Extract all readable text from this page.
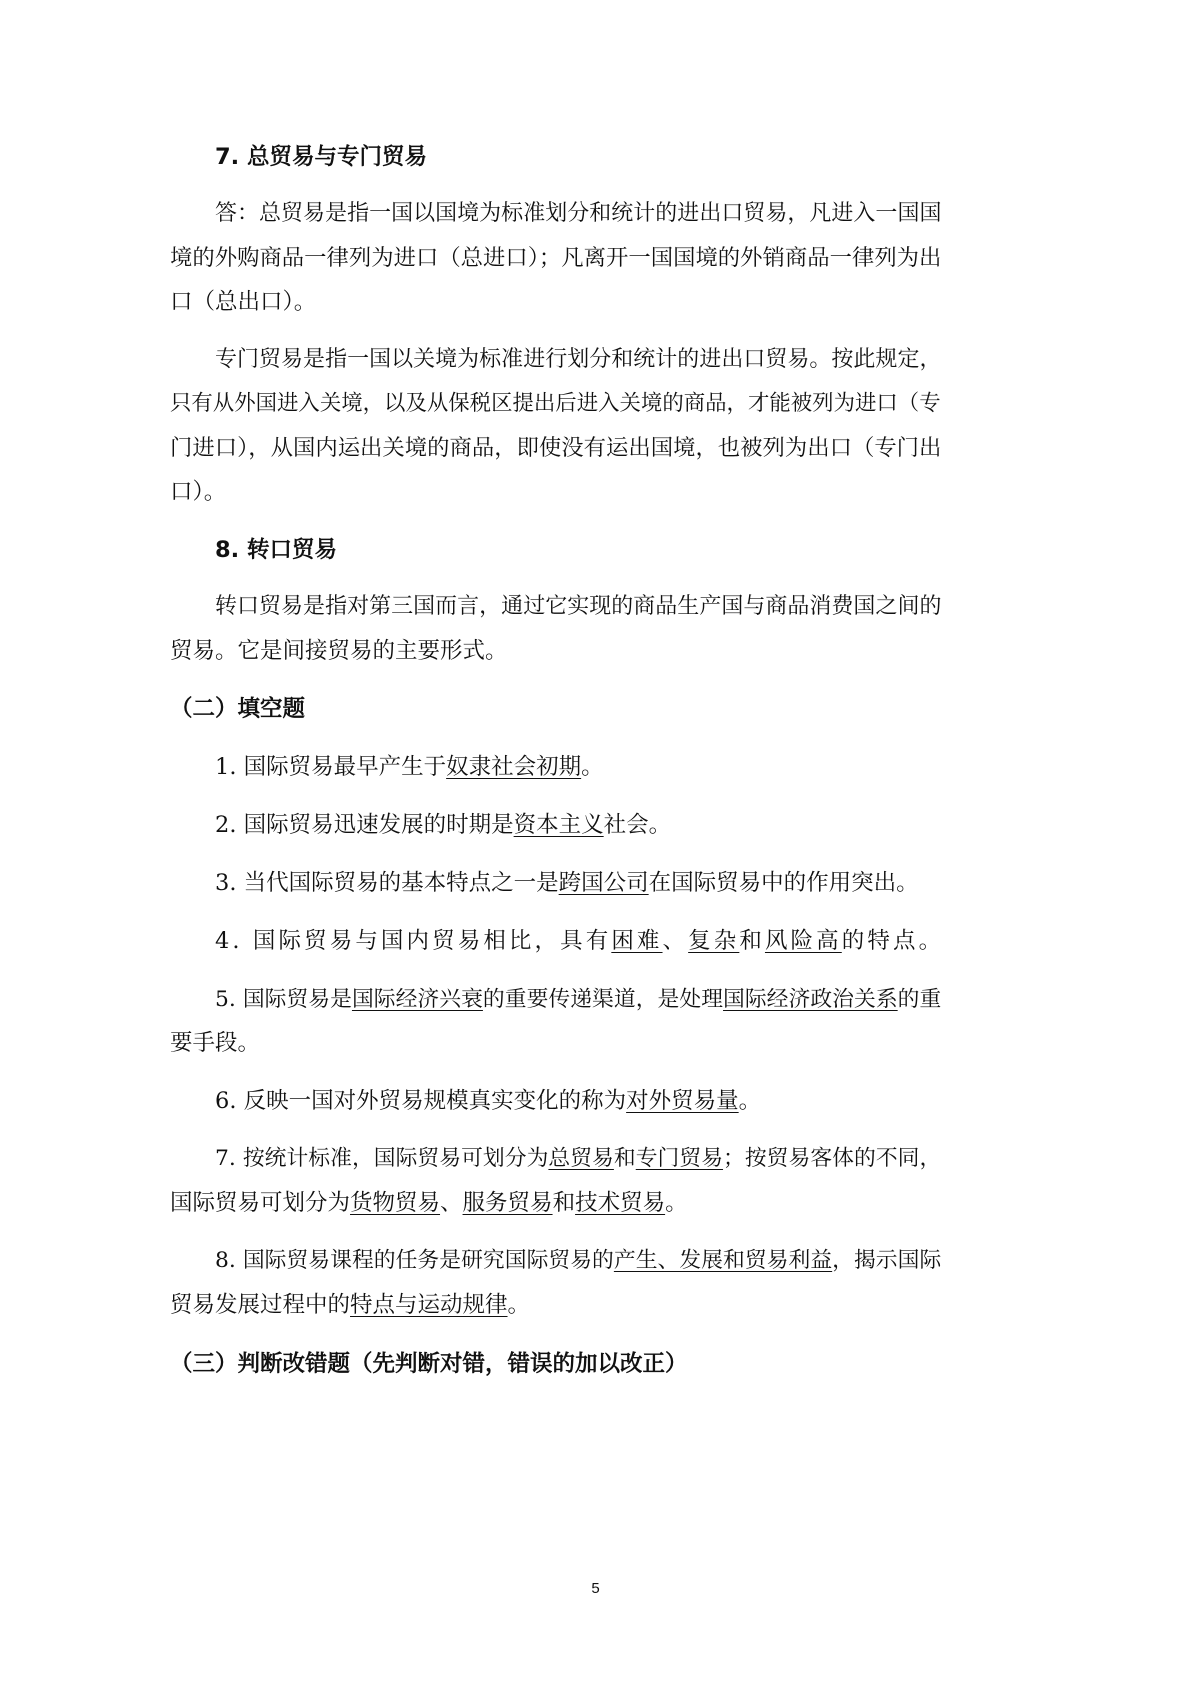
7. 总贸易与专门贸易
答：总贸易是指一国以国境为标准划分和统计的进出口贸易，凡进入一国国
境的外购商品一律列为进口（总进口）；凡离开一国国境的外销商品一律列为出
口（总出口）。
专门贸易是指一国以关境为标准进行划分和统计的进出口贸易。按此规定，
只有从外国进入关境，以及从保税区提出后进入关境的商品，才能被列为进口（专
门进口），从国内运出关境的商品，即使没有运出国境，也被列为出口（专门出
口）。
8. 转口贸易
转口贸易是指对第三国而言，通过它实现的商品生产国与商品消费国之间的
贸易。它是间接贸易的主要形式。
（二）填空题
1. 国际贸易最早产生于奴隶社会初期。
2. 国际贸易迅速发展的时期是资本主义社会。
3. 当代国际贸易的基本特点之一是跨国公司在国际贸易中的作用突出。
4. 国际贸易与国内贸易相比，具有困难、复杂和风险高的特点。
5. 国际贸易是国际经济兴衰的重要传递渠道，是处理国际经济政治关系的重
要手段。
6. 反映一国对外贸易规模真实变化的称为对外贸易量。
7. 按统计标准，国际贸易可划分为总贸易和专门贸易；按贸易客体的不同，
国际贸易可划分为货物贸易、服务贸易和技术贸易。
8. 国际贸易课程的任务是研究国际贸易的产生、发展和贸易利益，揭示国际
贸易发展过程中的特点与运动规律。
（三）判断改错题（先判断对错，错误的加以改正）
5
